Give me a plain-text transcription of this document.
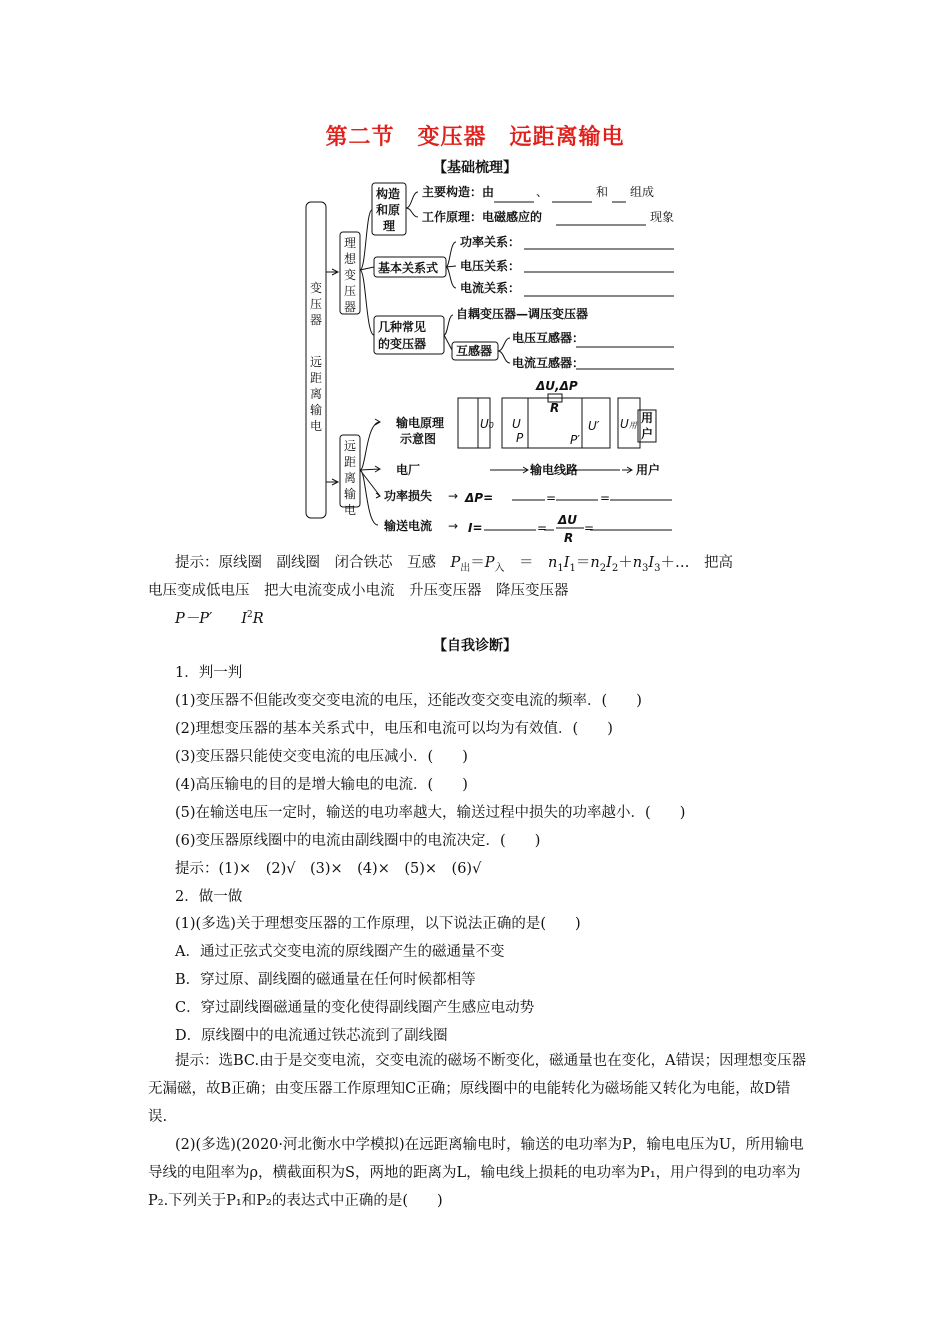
第二节　变压器　远距离输电
【基础梳理】
变
压
器
远
距
离
输
电
理
想
变
压
器
远
距
离
输
电
构造
和原
理
主要构造：由	、	和 组成
工作原理：电磁感应的	现象
基本关系式
功率关系：
电压关系：
电流关系：
几种常见
的变压器
自耦变压器—调压变压器
互感器
电压互感器：
电流互感器：
输电原理
示意图
ΔU,ΔP
R
U0 U
P
U′
P′
U用
用
户
电厂	输电线路	用户
功率损失 → ΔP=	=	=
输送电流 → I=	=
ΔU
R
=
提示：原线圈　副线圈　闭合铁芯　互感　$P_出=P_入$　＝　$n_1I_1=n_2I_2+n_3I_3+\dots$　把高
电压变成低电压　把大电流变成小电流　升压变压器　降压变压器
P－P′　　 $I^2R$
【自我诊断】
1．判一判
(1)变压器不但能改变交变电流的电压，还能改变交变电流的频率．(　　)
(2)理想变压器的基本关系式中，电压和电流可以均为有效值．(　　)
(3)变压器只能使交变电流的电压减小．(　　)
(4)高压输电的目的是增大输电的电流．(　　)
(5)在输送电压一定时，输送的电功率越大，输送过程中损失的功率越小．(　　)
(6)变压器原线圈中的电流由副线圈中的电流决定．(　　)
提示：(1)×　(2)√　(3)×　(4)×　(5)×　(6)√
2．做一做
(1)(多选)关于理想变压器的工作原理，以下说法正确的是(　　)
A．通过正弦式交变电流的原线圈产生的磁通量不变
B．穿过原、副线圈的磁通量在任何时候都相等
C．穿过副线圈磁通量的变化使得副线圈产生感应电动势
D．原线圈中的电流通过铁芯流到了副线圈
提示：选BC.由于是交变电流，交变电流的磁场不断变化，磁通量也在变化，A错误；因理想变压器无漏磁，故B正确；由变压器工作原理知C正确；原线圈中的电能转化为磁场能又转化为电能，故D错误.
(2)(多选)(2020·河北衡水中学模拟)在远距离输电时，输送的电功率为P，输电电压为U，所用输电导线的电阻率为ρ，横截面积为S，两地的距离为L，输电线上损耗的电功率为P₁，用户得到的电功率为P₂.下列关于P₁和P₂的表达式中正确的是(　　)
